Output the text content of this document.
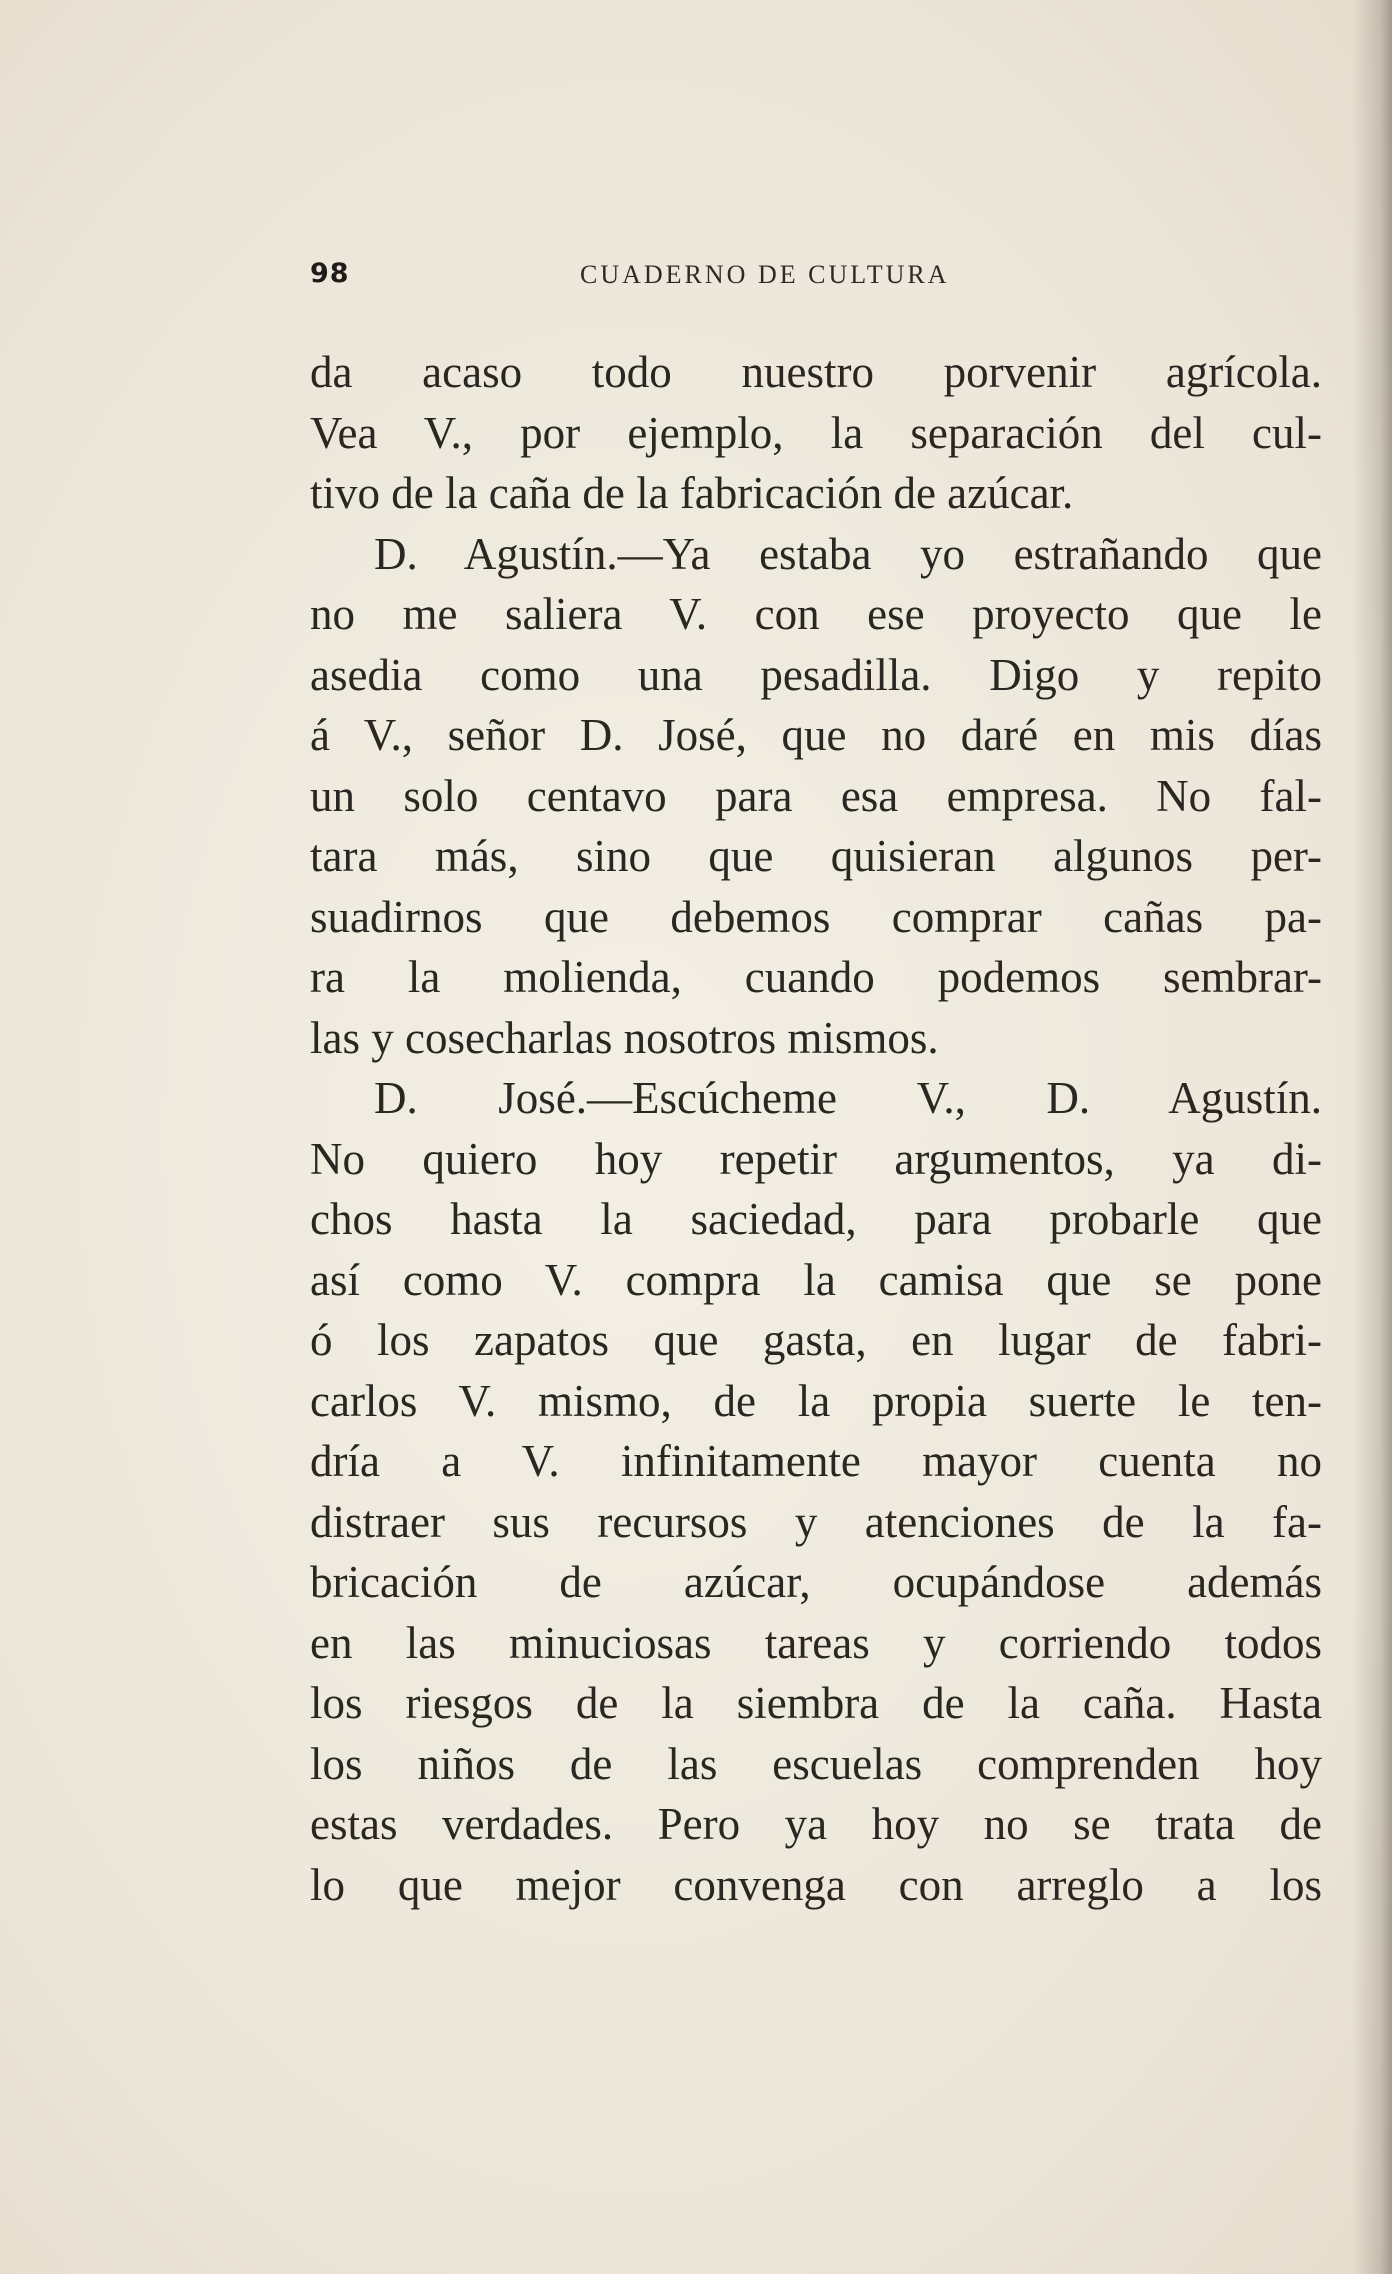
98	CUADERNO DE CULTURA
da acaso todo nuestro porvenir agrícola.
Vea V., por ejemplo, la separación del cul-
tivo de la caña de la fabricación de azúcar.
D. Agustín.—Ya estaba yo estrañando que
no me saliera V. con ese proyecto que le
asedia como una pesadilla. Digo y repito
á V., señor D. José, que no daré en mis días
un solo centavo para esa empresa. No fal-
tara más, sino que quisieran algunos per-
suadirnos que debemos comprar cañas pa-
ra la molienda, cuando podemos sembrar-
las y cosecharlas nosotros mismos.
D. José.—Escúcheme V., D. Agustín.
No quiero hoy repetir argumentos, ya di-
chos hasta la saciedad, para probarle que
así como V. compra la camisa que se pone
ó los zapatos que gasta, en lugar de fabri-
carlos V. mismo, de la propia suerte le ten-
dría a V. infinitamente mayor cuenta no
distraer sus recursos y atenciones de la fa-
bricación de azúcar, ocupándose además
en las minuciosas tareas y corriendo todos
los riesgos de la siembra de la caña. Hasta
los niños de las escuelas comprenden hoy
estas verdades. Pero ya hoy no se trata de
lo que mejor convenga con arreglo a los
